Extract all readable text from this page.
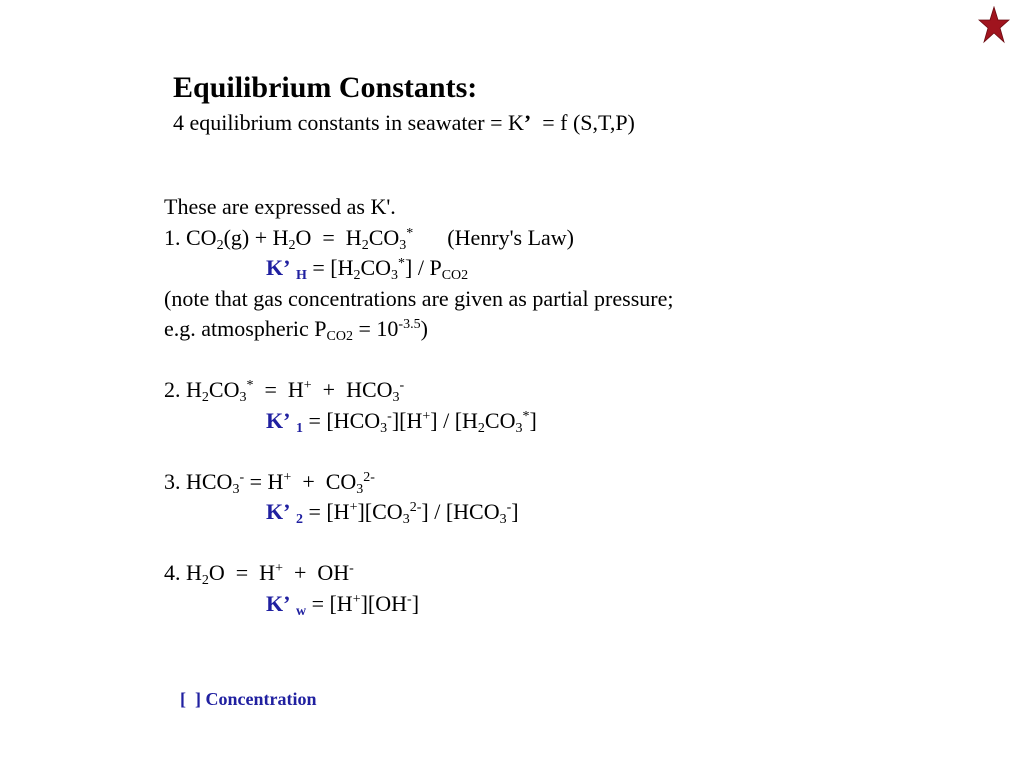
Equilibrium Constants:
4 equilibrium constants in seawater = K’  = f (S,T,P)
These are expressed as K'.
1. $CO_2(g) + H_2O = H_2CO_3^*$ (Henry's Law)
K’ $_H = [H_2CO_3^*] / P_{CO2}$
(note that gas concentrations are given as partial pressure;
e.g. atmospheric $P_{CO2} = 10^{-3.5}$)
2. $H_2CO_3^* = H^+ + HCO_3^-$
K’ $_1 = [HCO_3^-][H^+] / [H_2CO_3^*]$
3. $HCO_3^- = H^+ + CO_3^{2-}$
K’ $_2 = [H^+][CO_3^{2-}] / [HCO_3^-]$
4. $H_2O = H^+ + OH^-$
K’ $_w$ = [H+][OH-]
[  ] Concentration
